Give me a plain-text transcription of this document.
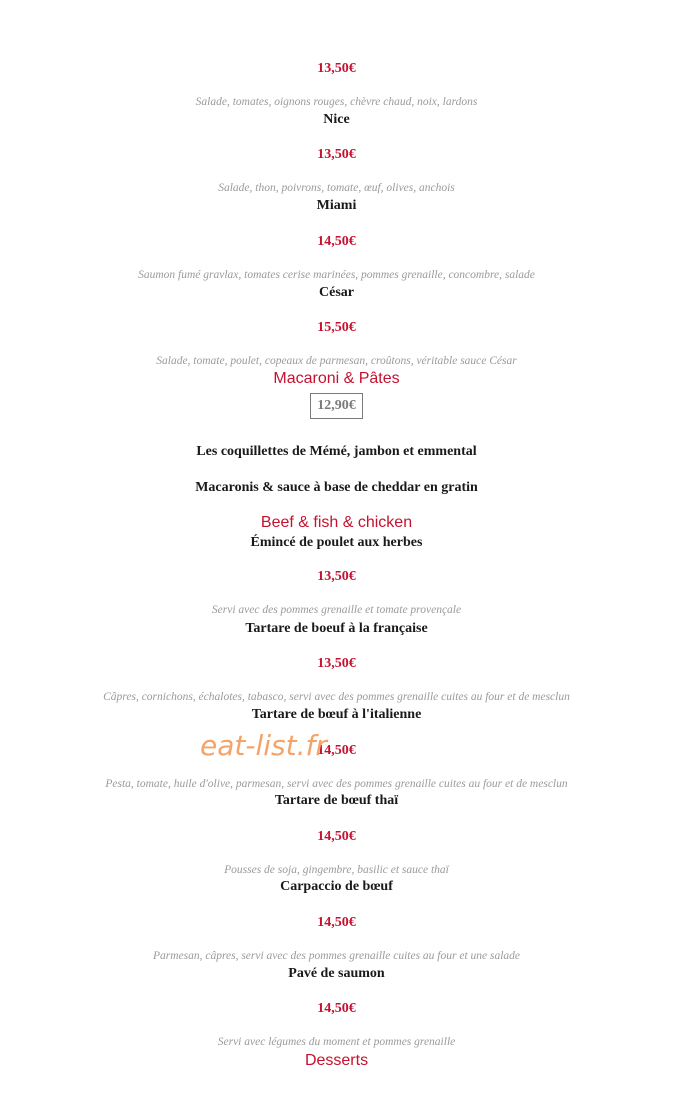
13,50€
Salade, tomates, oignons rouges, chèvre chaud, noix, lardons
Nice
13,50€
Salade, thon, poivrons, tomate, œuf, olives, anchois
Miami
14,50€
Saumon fumé gravlax, tomates cerise marinées, pommes grenaille, concombre, salade
César
15,50€
Salade, tomate, poulet, copeaux de parmesan, croûtons, véritable sauce César
Macaroni & Pâtes
12,90€
Les coquillettes de Mémé, jambon et emmental
Macaronis & sauce à base de cheddar en gratin
Beef & fish & chicken
Émincé de poulet aux herbes
13,50€
Servi avec des pommes grenaille et tomate provençale
Tartare de boeuf à la française
13,50€
Câpres, cornichons, échalotes, tabasco, servi avec des pommes grenaille cuites au four et de mesclun
Tartare de bœuf à l'italienne
14,50€
Pesta, tomate, huile d'olive, parmesan, servi avec des pommes grenaille cuites au four et de mesclun
Tartare de bœuf thaï
14,50€
Pousses de soja, gingembre, basilic et sauce thaï
Carpaccio de bœuf
14,50€
Parmesan, câpres, servi avec des pommes grenaille cuites au four et une salade
Pavé de saumon
14,50€
Servi avec légumes du moment et pommes grenaille
Desserts
eat-list.fr
